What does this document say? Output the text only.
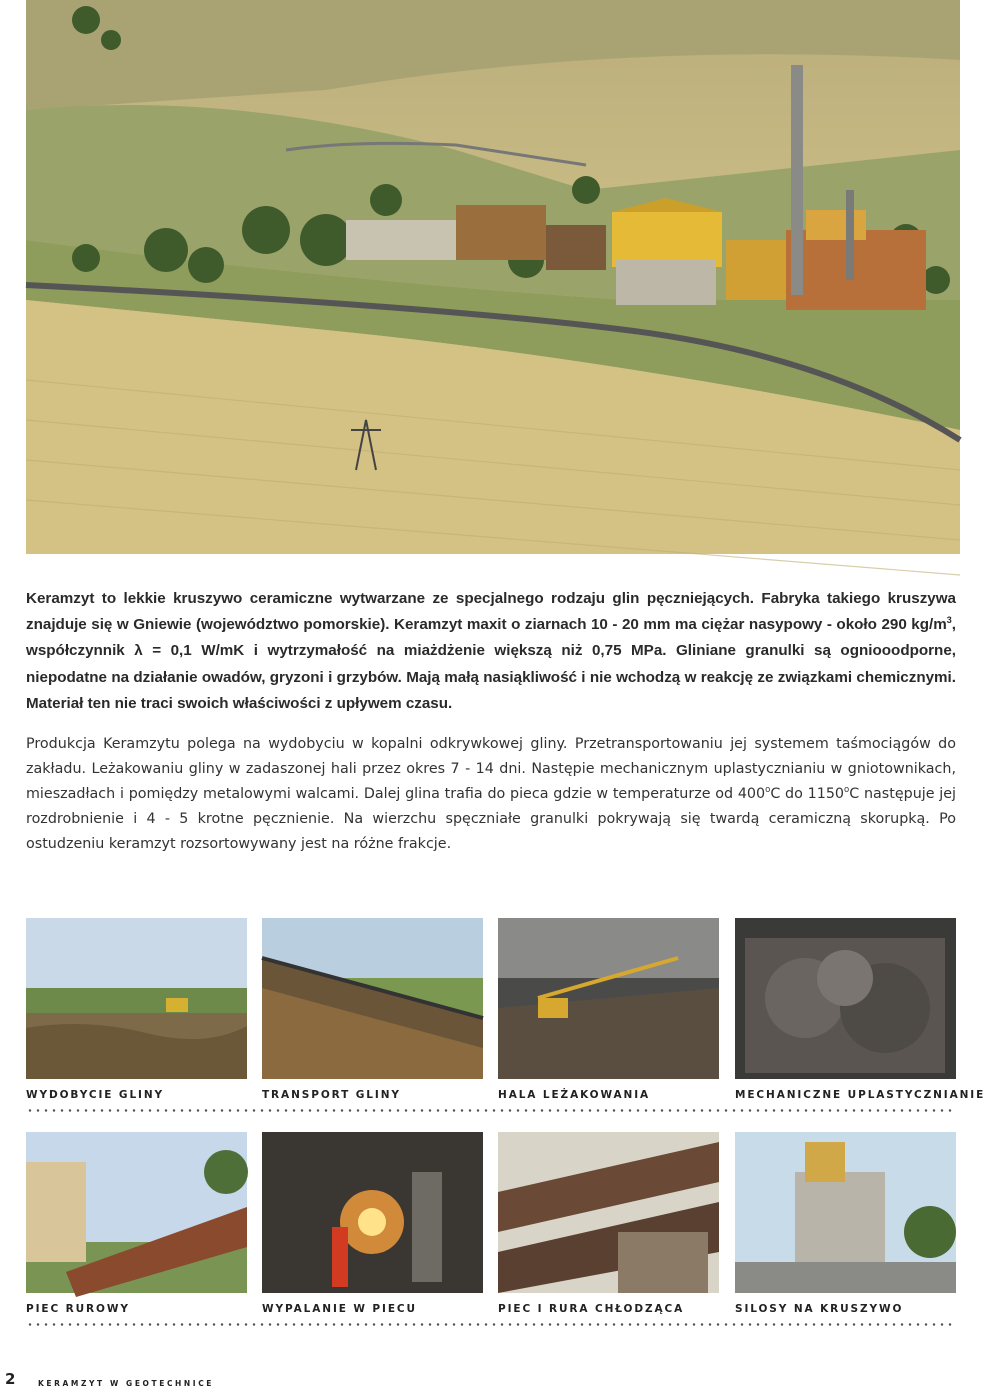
Keramzyt to lekkie kruszywo ceramiczne wytwarzane ze specjalnego rodzaju glin pęczniejących. Fabryka takiego kruszywa znajduje się w Gniewie (województwo pomorskie). Keramzyt maxit o ziarnach 10 - 20 mm ma ciężar nasypowy - około 290 $kg/m^3$, współczynnik λ = 0,1 W/mK i wytrzymałość na miażdżenie większą niż 0,75 MPa. Gliniane granulki są ogniooodporne, niepodatne na działanie owadów, gryzoni i grzybów. Mają małą nasiąkliwość i nie wchodzą w reakcję ze związkami chemicznymi. Materiał ten nie traci swoich właściwości z upływem czasu.

Produkcja Keramzytu polega na wydobyciu w kopalni odkrywkowej gliny. Przetransportowaniu jej systemem taśmociągów do zakładu. Leżakowaniu gliny w zadaszonej hali przez okres 7 - 14 dni. Następie mechanicznym uplastycznianiu w gniotownikach, mieszadłach i pomiędzy metalowymi walcami. Dalej glina trafia do pieca gdzie w temperaturze od 400$^o$C do 1150$^o$C następuje jej rozdrobnienie i 4 - 5 krotne pęcznienie. Na wierzchu spęczniałe granulki pokrywają się twardą ceramiczną skorupką. Po ostudzeniu keramzyt rozsortowywany jest na różne frakcje.

WYDOBYCIE GLINY	TRANSPORT GLINY	HALA LEŻAKOWANIA	MECHANICZNE UPLASTYCZNIANIE
PIEC RUROWY	WYPALANIE W PIECU	PIEC I RURA CHŁODZĄCA	SILOSY NA KRUSZYWO
2	KERAMZYT W GEOTECHNICE
